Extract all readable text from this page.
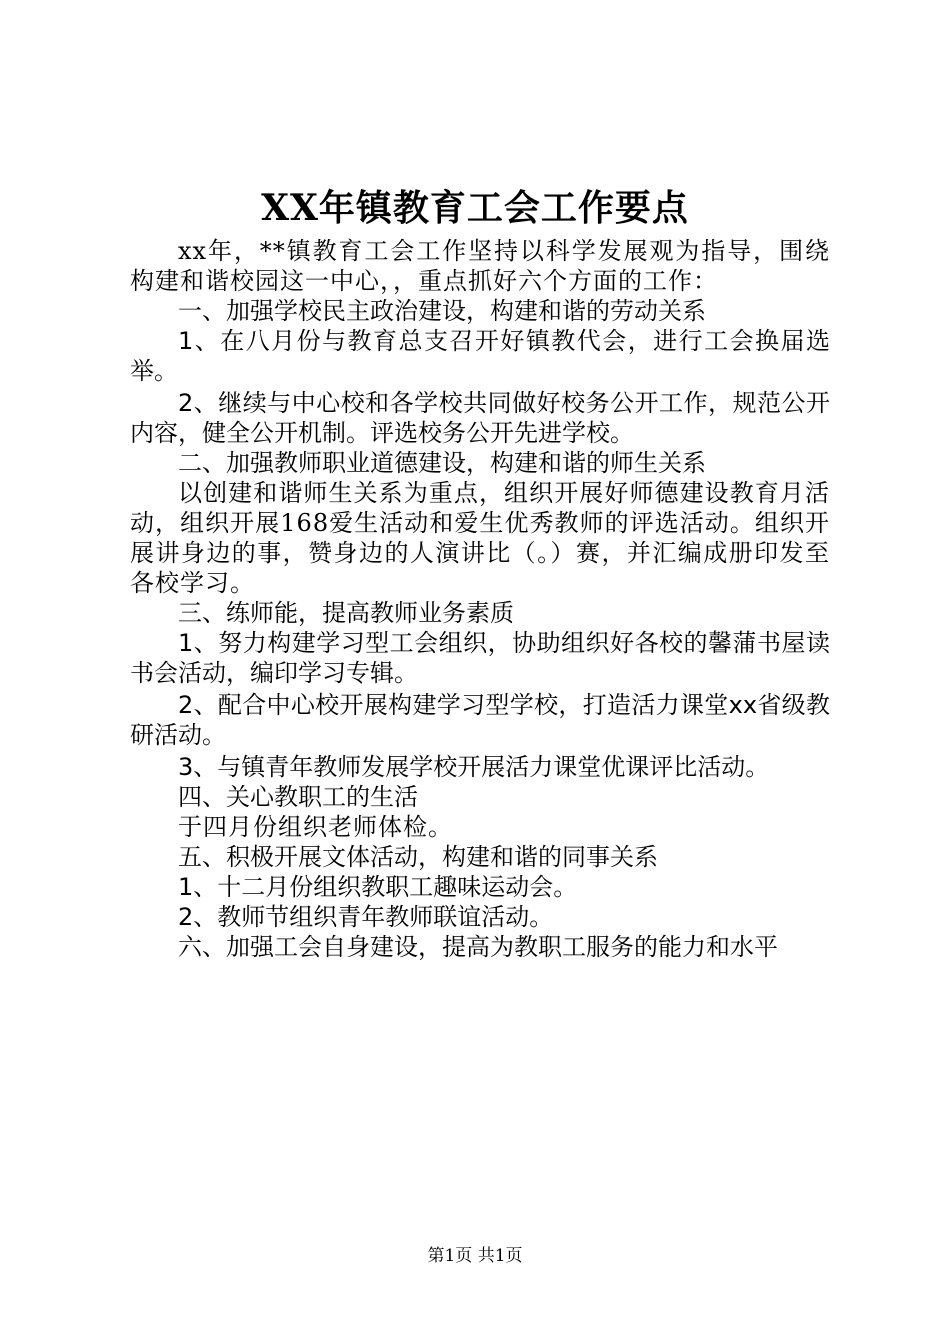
XX年镇教育工会工作要点

xx年，**镇教育工会工作坚持以科学发展观为指导，围绕构建和谐校园这一中心，，重点抓好六个方面的工作：

一、加强学校民主政治建设，构建和谐的劳动关系

1、在八月份与教育总支召开好镇教代会，进行工会换届选举。

2、继续与中心校和各学校共同做好校务公开工作，规范公开内容，健全公开机制。评选校务公开先进学校。

二、加强教师职业道德建设，构建和谐的师生关系

以创建和谐师生关系为重点，组织开展好师德建设教育月活动，组织开展168爱生活动和爱生优秀教师的评选活动。组织开展讲身边的事，赞身边的人演讲比（。）赛，并汇编成册印发至各校学习。

三、练师能，提高教师业务素质

1、努力构建学习型工会组织，协助组织好各校的馨蒲书屋读书会活动，编印学习专辑。

2、配合中心校开展构建学习型学校，打造活力课堂xx省级教研活动。

3、与镇青年教师发展学校开展活力课堂优课评比活动。

四、关心教职工的生活

于四月份组织老师体检。

五、积极开展文体活动，构建和谐的同事关系

1、十二月份组织教职工趣味运动会。

2、教师节组织青年教师联谊活动。

六、加强工会自身建设，提高为教职工服务的能力和水平

第1页 共1页
